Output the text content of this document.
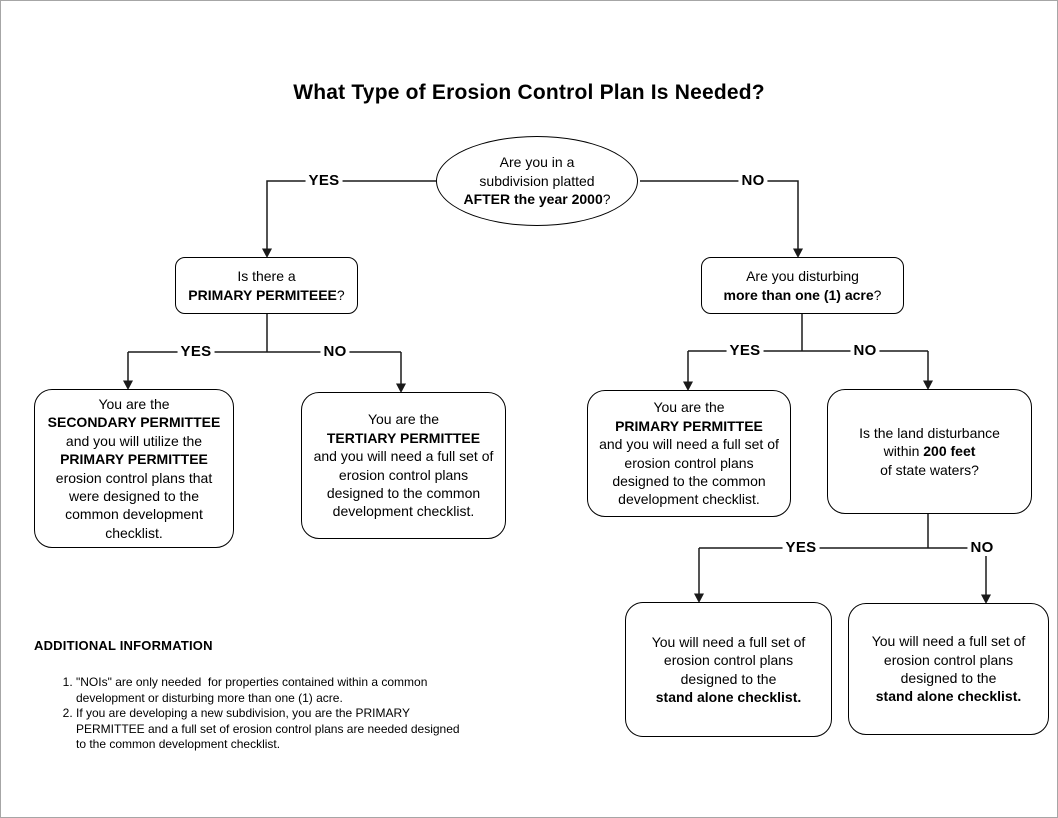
What Type of Erosion Control Plan Is Needed?
Are you in a
subdivision platted
AFTER the year 2000?
YES	NO
YES	NO	YES	NO
YES	NO
Is there a
PRIMARY PERMITEEE?
Are you disturbing
more than one (1) acre?
You are the
SECONDARY PERMITTEE
and you will utilize the
PRIMARY PERMITTEE
erosion control plans that
were designed to the
common development
checklist.
You are the
TERTIARY PERMITTEE
and you will need a full set of
erosion control plans
designed to the common
development checklist.
You are the
PRIMARY PERMITTEE
and you will need a full set of
erosion control plans
designed to the common
development checklist.
Is the land disturbance
within 200 feet
of state waters?
You will need a full set of
erosion control plans
designed to the
stand alone checklist.
You will need a full set of
erosion control plans
designed to the
stand alone checklist.
ADDITIONAL INFORMATION
1. "NOIs" are only needed  for properties contained within a common development or disturbing more than one (1) acre.
2. If you are developing a new subdivision, you are the PRIMARY PERMITTEE and a full set of erosion control plans are needed designed to the common development checklist.
